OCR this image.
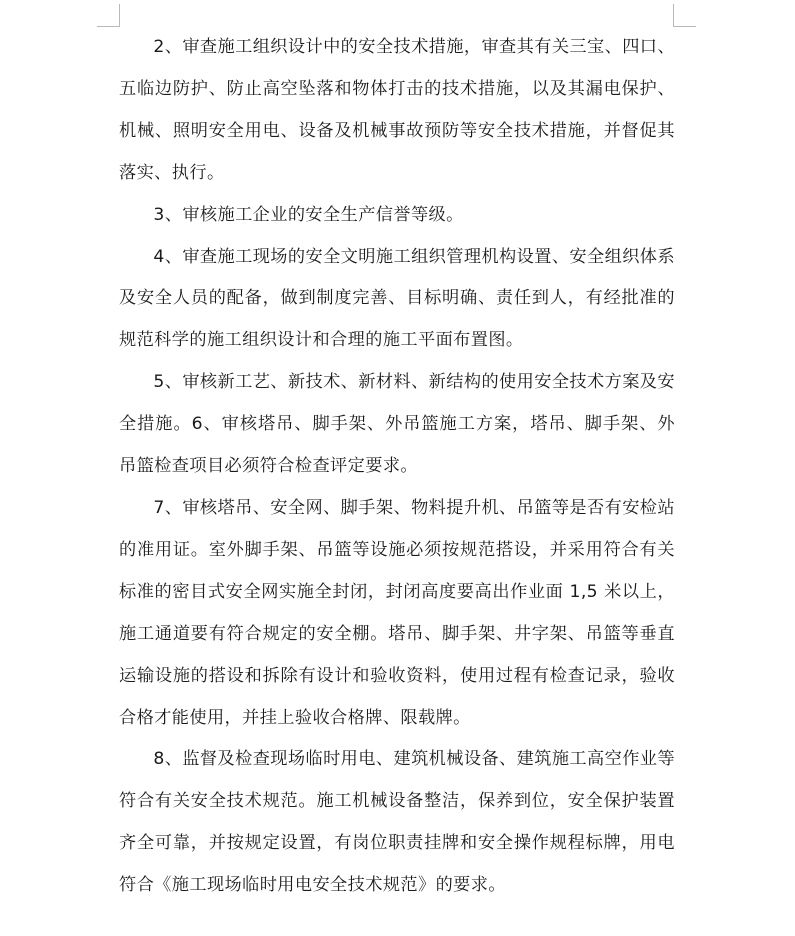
2、审查施工组织设计中的安全技术措施，审查其有关三宝、四口、五临边防护、防止高空坠落和物体打击的技术措施，以及其漏电保护、机械、照明安全用电、设备及机械事故预防等安全技术措施，并督促其落实、执行。

3、审核施工企业的安全生产信誉等级。

4、审查施工现场的安全文明施工组织管理机构设置、安全组织体系及安全人员的配备，做到制度完善、目标明确、责任到人，有经批准的规范科学的施工组织设计和合理的施工平面布置图。

5、审核新工艺、新技术、新材料、新结构的使用安全技术方案及安全措施。6、审核塔吊、脚手架、外吊篮施工方案，塔吊、脚手架、外吊篮检查项目必须符合检查评定要求。

7、审核塔吊、安全网、脚手架、物料提升机、吊篮等是否有安检站的准用证。室外脚手架、吊篮等设施必须按规范搭设，并采用符合有关标准的密目式安全网实施全封闭，封闭高度要高出作业面 1,5 米以上，施工通道要有符合规定的安全棚。塔吊、脚手架、井字架、吊篮等垂直运输设施的搭设和拆除有设计和验收资料，使用过程有检查记录，验收合格才能使用，并挂上验收合格牌、限载牌。

8、监督及检查现场临时用电、建筑机械设备、建筑施工高空作业等符合有关安全技术规范。施工机械设备整洁，保养到位，安全保护装置齐全可靠，并按规定设置，有岗位职责挂牌和安全操作规程标牌，用电符合《施工现场临时用电安全技术规范》的要求。
